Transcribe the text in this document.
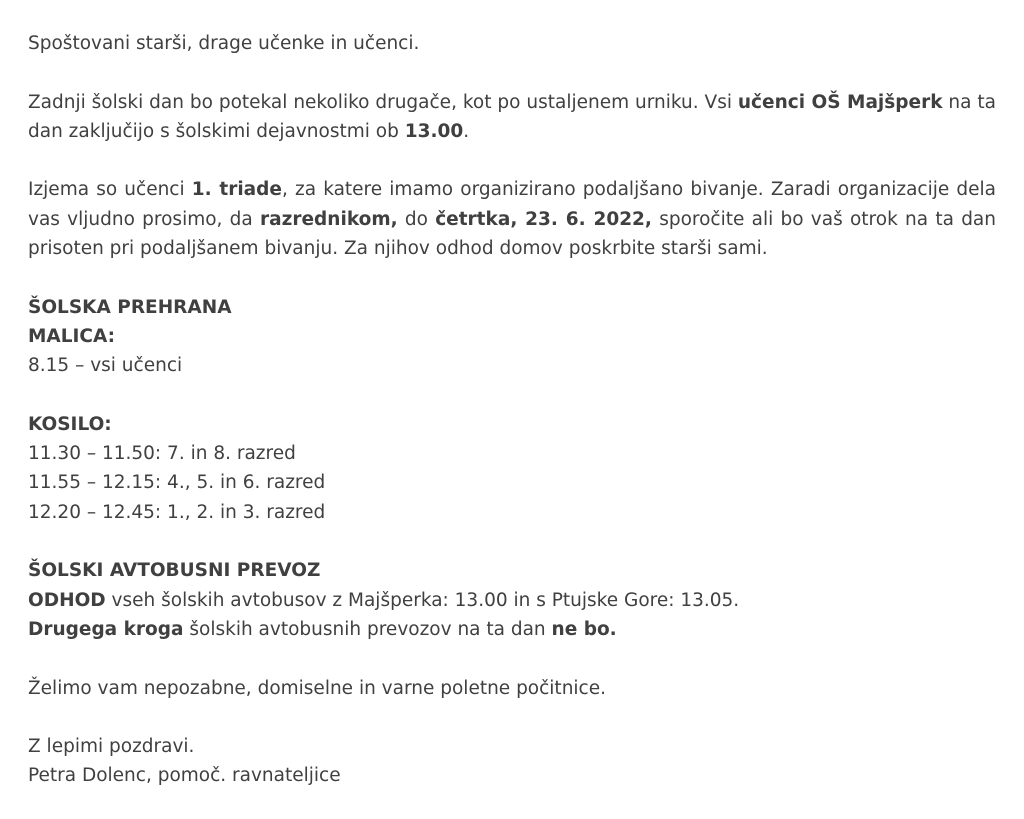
Spoštovani starši, drage učenke in učenci.

Zadnji šolski dan bo potekal nekoliko drugače, kot po ustaljenem urniku. Vsi učenci OŠ Majšperk na ta dan zaključijo s šolskimi dejavnostmi ob 13.00.

Izjema so učenci 1. triade, za katere imamo organizirano podaljšano bivanje. Zaradi organizacije dela vas vljudno prosimo, da razrednikom, do četrtka, 23. 6. 2022, sporočite ali bo vaš otrok na ta dan prisoten pri podaljšanem bivanju. Za njihov odhod domov poskrbite starši sami.

ŠOLSKA PREHRANA
MALICA:
8.15 – vsi učenci
KOSILO:
11.30 – 11.50: 7. in 8. razred
11.55 – 12.15: 4., 5. in 6. razred
12.20 – 12.45: 1., 2. in 3. razred
ŠOLSKI AVTOBUSNI PREVOZ
ODHOD vseh šolskih avtobusov z Majšperka: 13.00 in s Ptujske Gore: 13.05.
Drugega kroga šolskih avtobusnih prevozov na ta dan ne bo.

Želimo vam nepozabne, domiselne in varne poletne počitnice.

Z lepimi pozdravi.
Petra Dolenc, pomoč. ravnateljice
